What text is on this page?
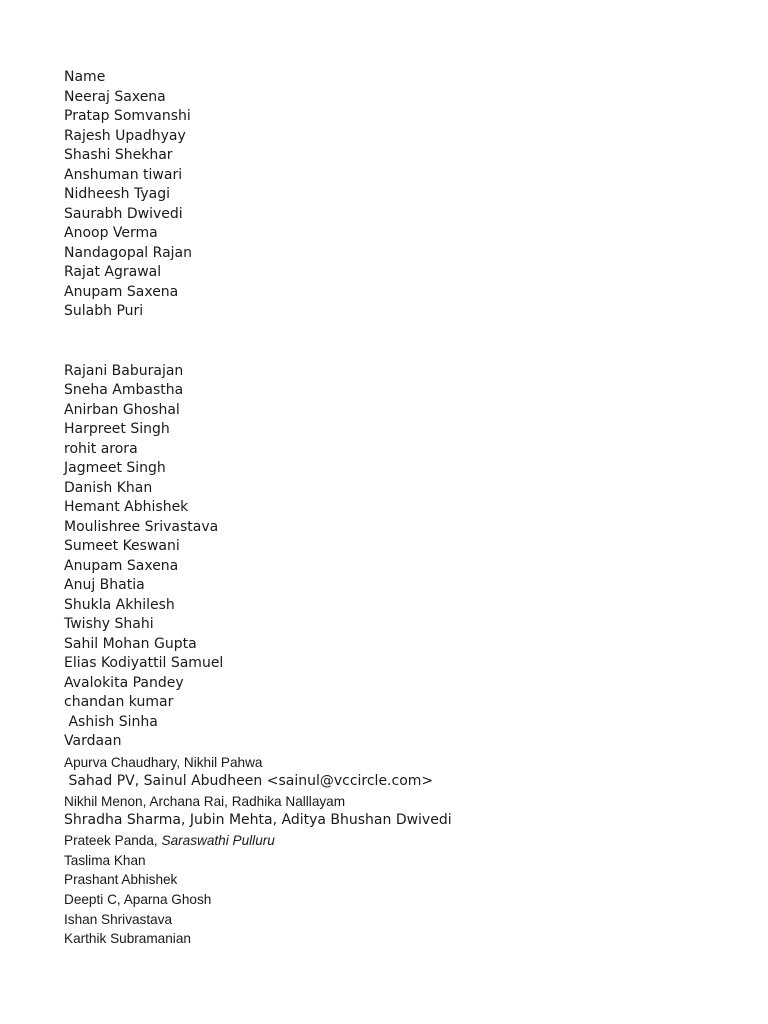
Name
Neeraj Saxena
Pratap Somvanshi
Rajesh Upadhyay
Shashi Shekhar
Anshuman tiwari
Nidheesh Tyagi
Saurabh Dwivedi
Anoop Verma
Nandagopal Rajan
Rajat Agrawal
Anupam Saxena
Sulabh Puri
Rajani Baburajan
Sneha Ambastha
Anirban Ghoshal
Harpreet Singh
rohit arora
Jagmeet Singh
Danish Khan
Hemant Abhishek
Moulishree Srivastava
Sumeet Keswani
Anupam Saxena
Anuj Bhatia
Shukla Akhilesh
Twishy Shahi
Sahil Mohan Gupta
Elias Kodiyattil Samuel
Avalokita Pandey
chandan kumar
Ashish Sinha
Vardaan
Apurva Chaudhary, Nikhil Pahwa
Sahad PV, Sainul Abudheen <sainul@vccircle.com>
Nikhil Menon, Archana Rai, Radhika Nalllayam
Shradha Sharma, Jubin Mehta, Aditya Bhushan Dwivedi
Prateek Panda, Saraswathi Pulluru
Taslima Khan
Prashant Abhishek
Deepti C, Aparna Ghosh
Ishan Shrivastava
Karthik Subramanian
